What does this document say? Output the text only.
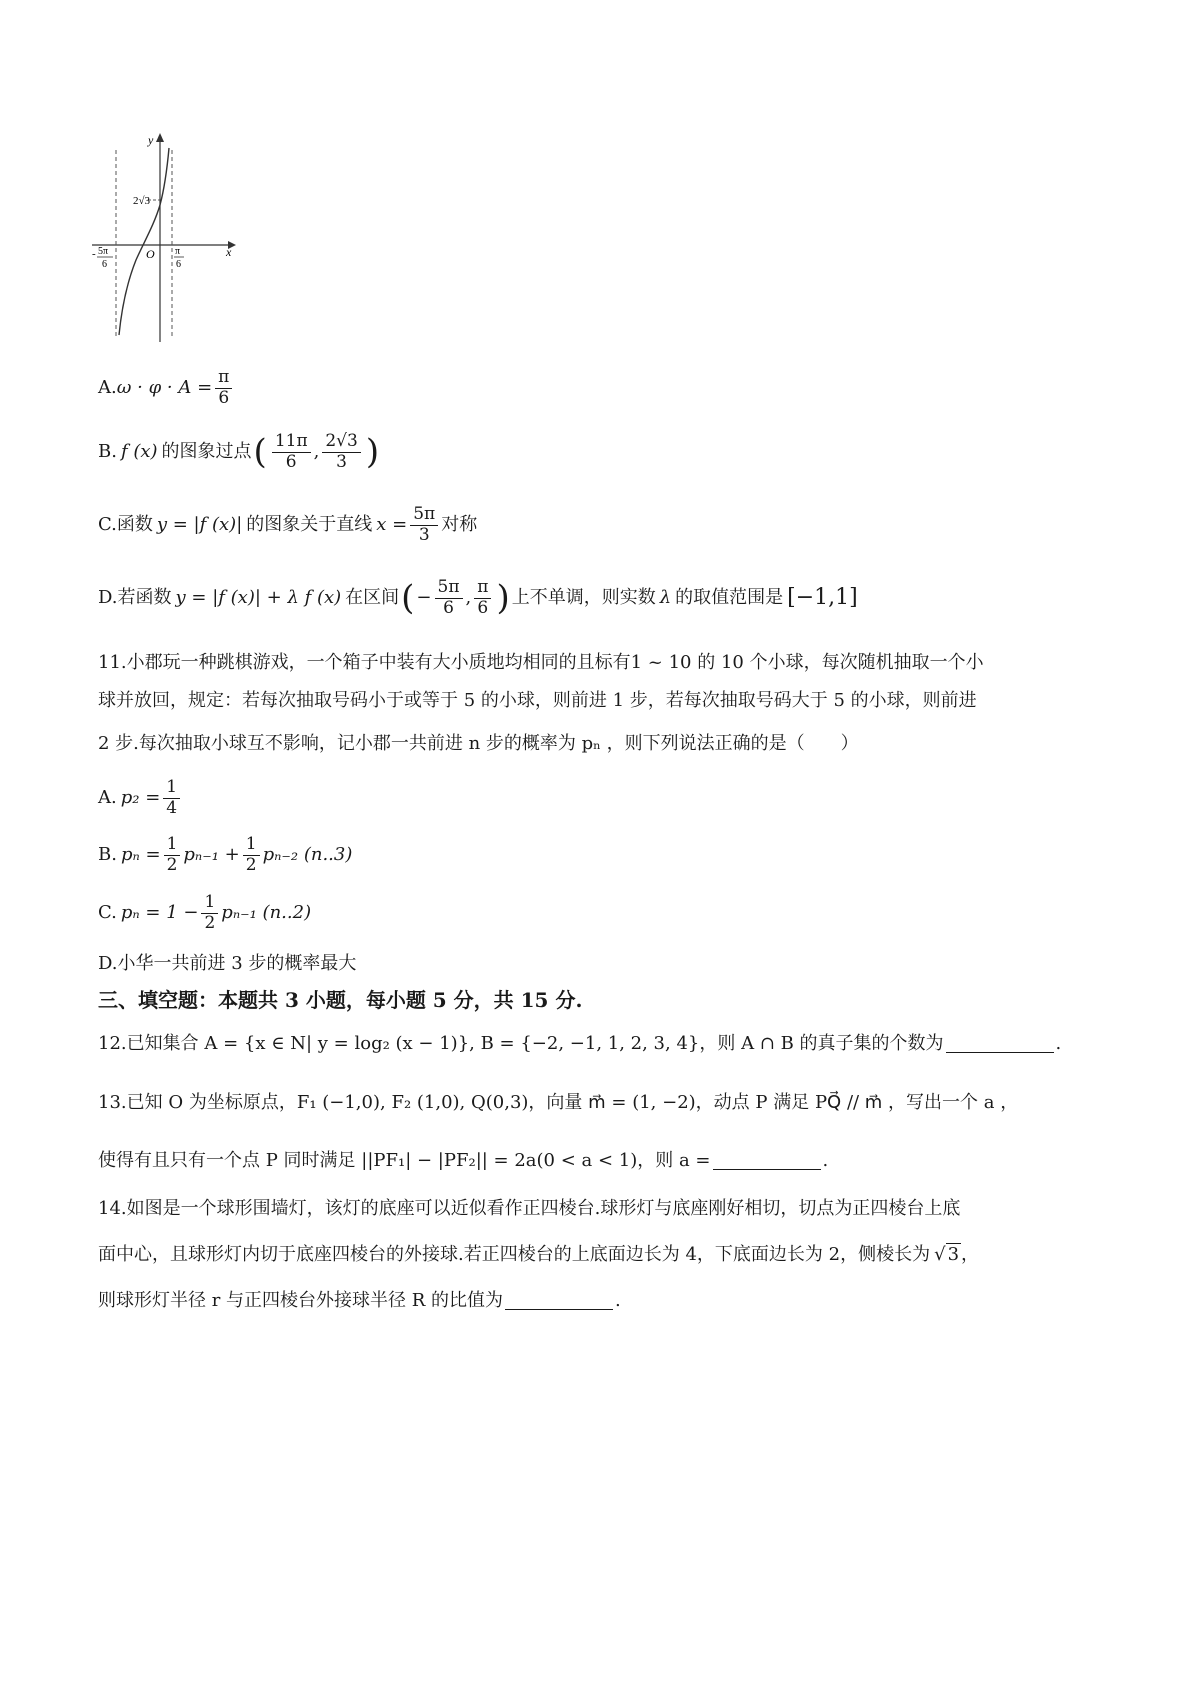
y
x
O
2√3
- 5π
6
π
6
A. $\omega \cdot \varphi \cdot A = \frac{\pi}{6}$
B. f (x) 的图象过点 ( $\frac{11\pi}{6}$ , $\frac{2√3}{3}$ )
C.函数 y = |f (x)| 的图象关于直线 $x = \frac{5\pi}{3}$ 对称
D.若函数 y = |f (x)| + λ f (x) 在区间 ( − $\frac{5\pi}{6}$ , $\frac{\pi}{6}$ ) 上不单调，则实数 λ 的取值范围是 [−1,1]
11.小郡玩一种跳棋游戏，一个箱子中装有大小质地均相同的且标有1 ~ 10 的 10 个小球，每次随机抽取一个小
球并放回，规定：若每次抽取号码小于或等于 5 的小球，则前进 1 步，若每次抽取号码大于 5 的小球，则前进
2 步.每次抽取小球互不影响，记小郡一共前进 n 步的概率为 pₙ ，则下列说法正确的是（　　）
A. $p_2 = \frac{1}{4}$
B. $p_n = \frac{1}{2} p_{n-1} + \frac{1}{2} p_{n-2}$ (n..3)
C. $p_n = 1 - \frac{1}{2} p_{n-1}$ (n..2)
D.小华一共前进 3 步的概率最大
三、填空题：本题共 3 小题，每小题 5 分，共 15 分.
12.已知集合 A = {x ∈ N| y = log₂ (x − 1)}, B = {−2, −1, 1, 2, 3, 4}，则 A ∩ B 的真子集的个数为	.
13.已知 O 为坐标原点，F₁ (−1,0), F₂ (1,0), Q(0,3)，向量 m⃗ = (1, −2)，动点 P 满足 PQ⃗ // m⃗ ，写出一个 a ，
使得有且只有一个点 P 同时满足 ||PF₁| − |PF₂|| = 2a(0 < a < 1)，则 a =	.
14.如图是一个球形围墙灯，该灯的底座可以近似看作正四棱台.球形灯与底座刚好相切，切点为正四棱台上底
面中心，且球形灯内切于底座四棱台的外接球.若正四棱台的上底面边长为 4，下底面边长为 2，侧棱长为 √ 3 ，
则球形灯半径 r 与正四棱台外接球半径 R 的比值为	.
